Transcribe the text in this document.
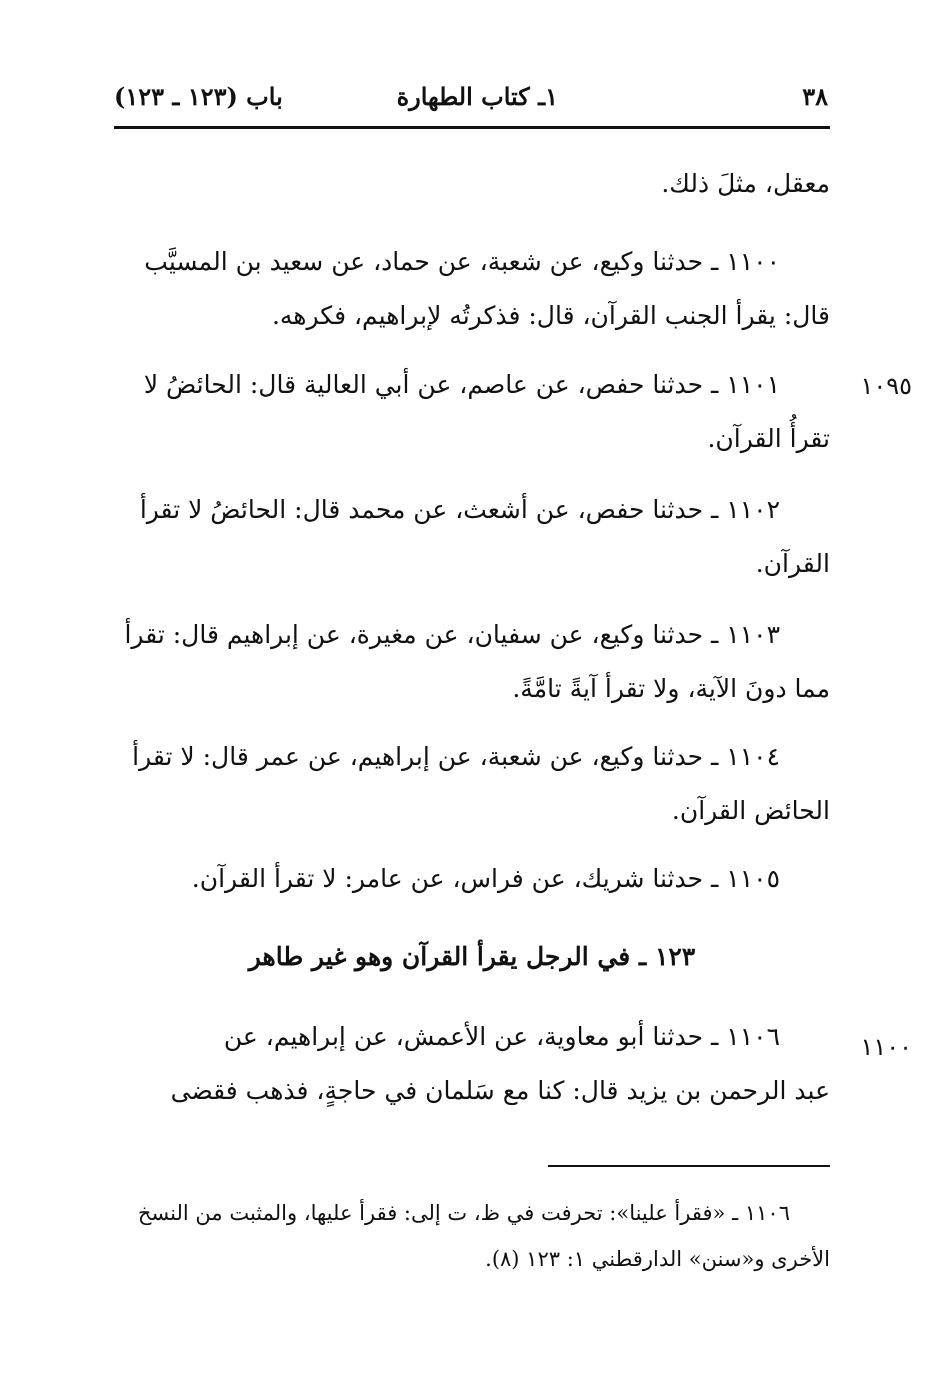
٣٨
١ـ كتاب الطهارة
باب (١٢٣ ـ ١٢٣)
معقل، مثلَ ذلك.
١١٠٠ ـ حدثنا وكيع، عن شعبة، عن حماد، عن سعيد بن المسيَّب
قال: يقرأ الجنب القرآن، قال: فذكرتُه لإبراهيم، فكرهه.
١٠٩٥
١١٠١ ـ حدثنا حفص، عن عاصم، عن أبي العالية قال: الحائضُ لا
تقرأُ القرآن.
١١٠٢ ـ حدثنا حفص، عن أشعث، عن محمد قال: الحائضُ لا تقرأ
القرآن.
١١٠٣ ـ حدثنا وكيع، عن سفيان، عن مغيرة، عن إبراهيم قال: تقرأ
مما دونَ الآية، ولا تقرأ آيةً تامَّةً.
١١٠٤ ـ حدثنا وكيع، عن شعبة، عن إبراهيم، عن عمر قال: لا تقرأ
الحائض القرآن.
١١٠٥ ـ حدثنا شريك، عن فراس، عن عامر: لا تقرأ القرآن.
١٢٣ ـ في الرجل يقرأ القرآن وهو غير طاهر
١١٠٠
١١٠٦ ـ حدثنا أبو معاوية، عن الأعمش، عن إبراهيم، عن
عبد الرحمن بن يزيد قال: كنا مع سَلمان في حاجةٍ، فذهب فقضى
١١٠٦ ـ «فقرأ علينا»: تحرفت في ظ، ت إلى: فقرأ عليها، والمثبت من النسخ
الأخرى و«سنن» الدارقطني ١: ١٢٣ (٨).
